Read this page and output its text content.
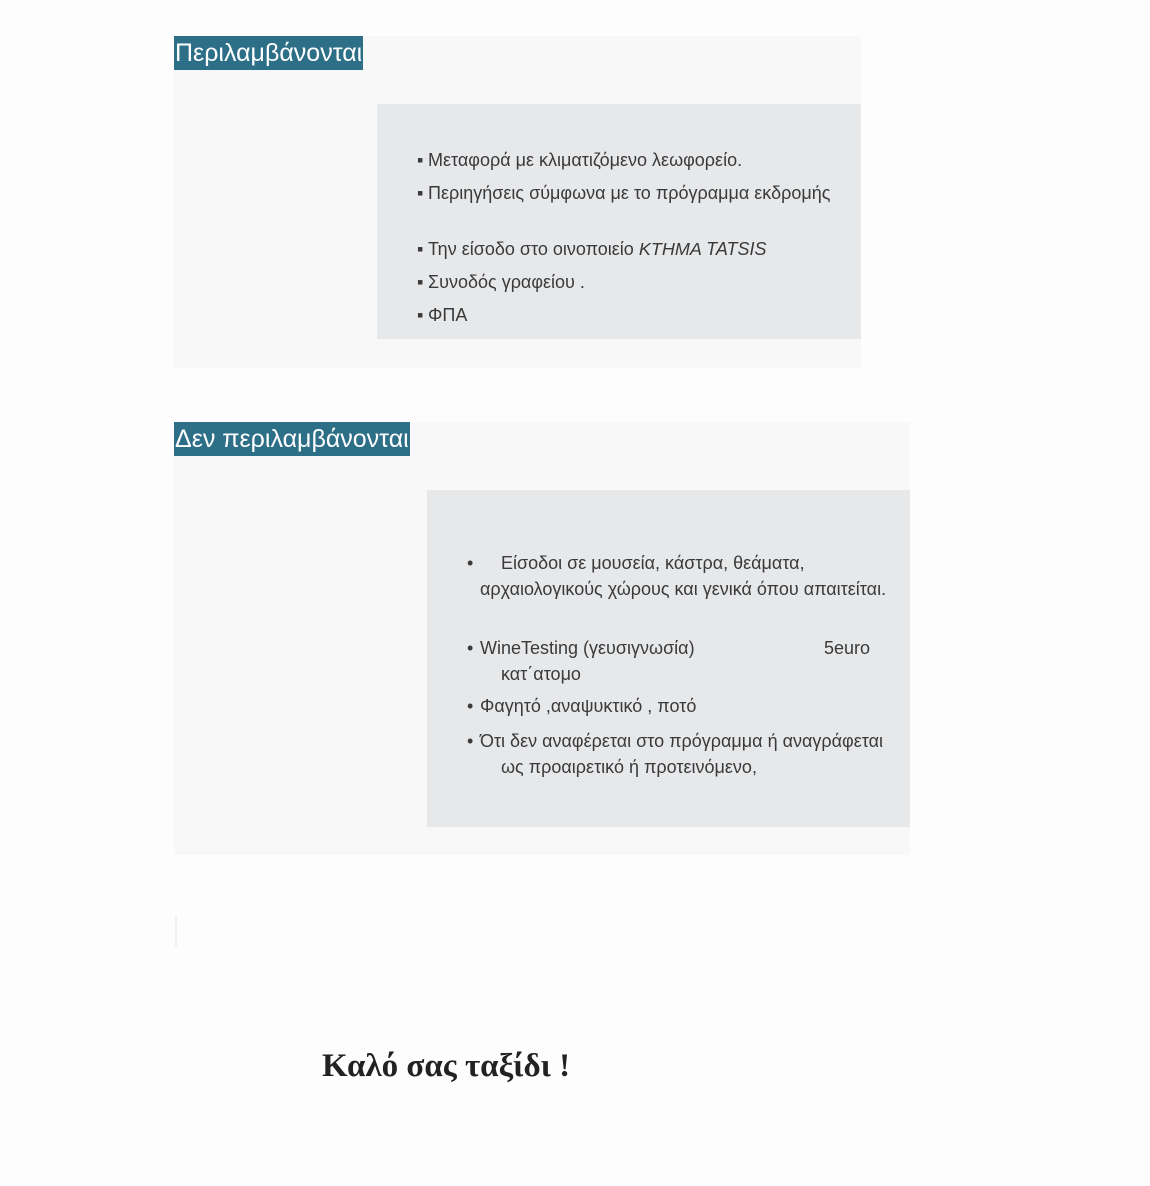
Περιλαμβάνονται
▪ Μεταφορά με κλιματιζόμενο λεωφορείο.
▪ Περιηγήσεις σύμφωνα με το πρόγραμμα εκδρομής
▪ Την είσοδο στο οινοποιείο ΚΤΗΜΑ TATSIS
▪ Συνοδός γραφείου .
▪ ΦΠΑ
Δεν περιλαμβάνονται
•	Είσοδοι σε μουσεία, κάστρα, θεάματα, αρχαιολογικούς χώρους και γενικά όπου απαιτείται.
• WineTesting (γευσιγνωσία)	5euro
κατ΄ατομο
• Φαγητό ,αναψυκτικό , ποτό
• Ότι δεν αναφέρεται στο πρόγραμμα ή αναγράφεται ως προαιρετικό ή προτεινόμενο,
Καλό σας ταξίδι !
